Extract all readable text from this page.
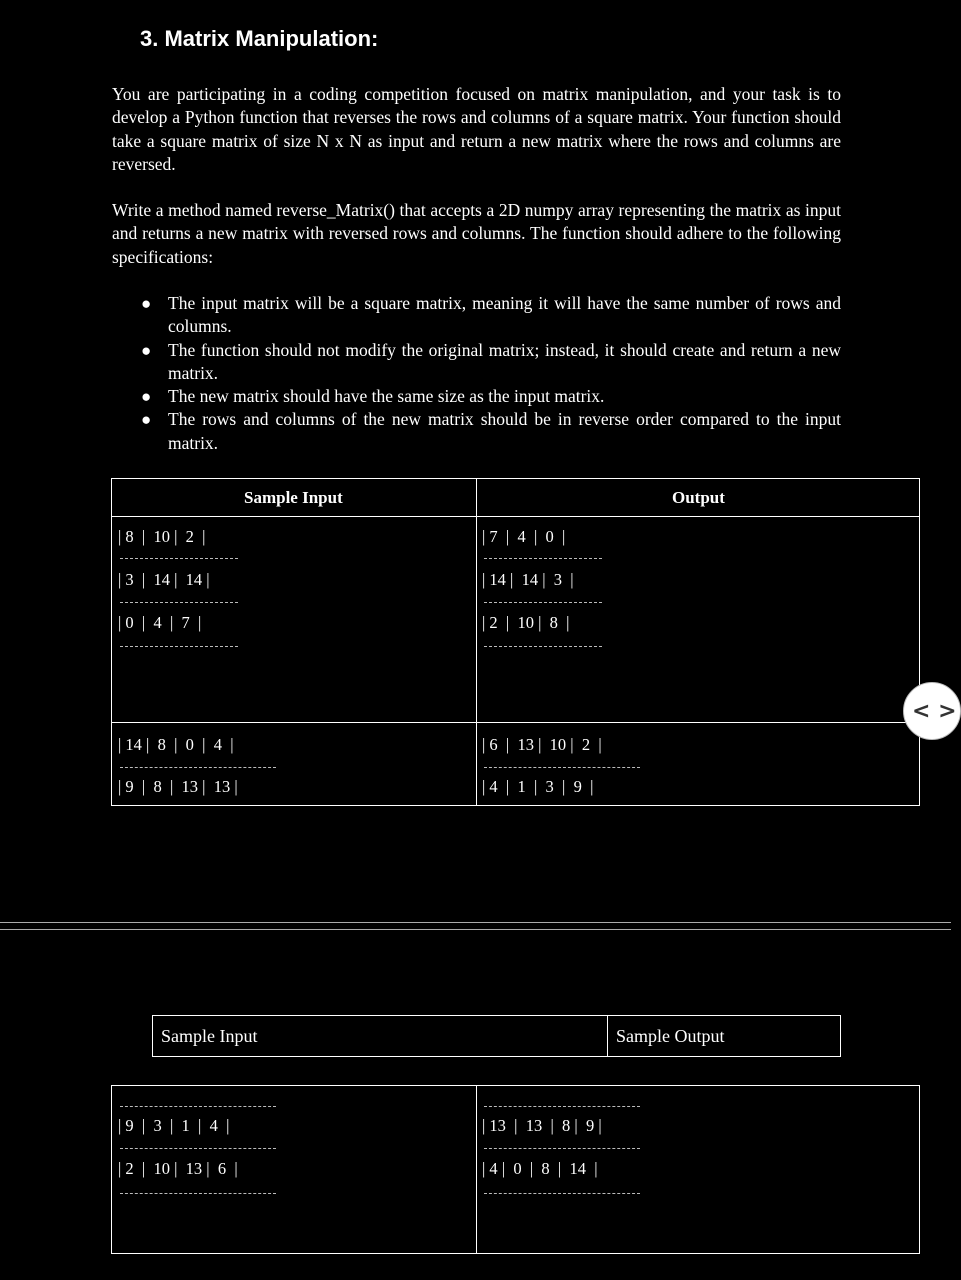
3. Matrix Manipulation:

You are participating in a coding competition focused on matrix manipulation, and your task is to develop a Python function that reverses the rows and columns of a square matrix. Your function should take a square matrix of size N x N as input and return a new matrix where the rows and columns are reversed.

Write a method named reverse_Matrix() that accepts a 2D numpy array representing the matrix as input and returns a new matrix with reversed rows and columns. The function should adhere to the following specifications:

● The input matrix will be a square matrix, meaning it will have the same number of rows and columns.
● The function should not modify the original matrix; instead, it should create and return a new matrix.
● The new matrix should have the same size as the input matrix.
● The rows and columns of the new matrix should be in reverse order compared to the input matrix.
Sample Input	Output
| 8  |  10 |  2  |
| 3  |  14 |  14 |
| 0  |  4  |  7  |
| 7  |  4  |  0  |
| 14 |  14 |  3  |
| 2  |  10 |  8  |
| 14 |  8  |  0  |  4  |
| 9  |  8  |  13 |  13 |
| 6  |  13 |  10 |  2  |
| 4  |  1  |  3  |  9  |
< >
Sample Input	Sample Output
| 9  |  3  |  1  |  4  |
| 2  |  10 |  13 |  6  |
| 13  |  13  |  8 |  9 |
| 4 |  0  |  8  |  14  |
